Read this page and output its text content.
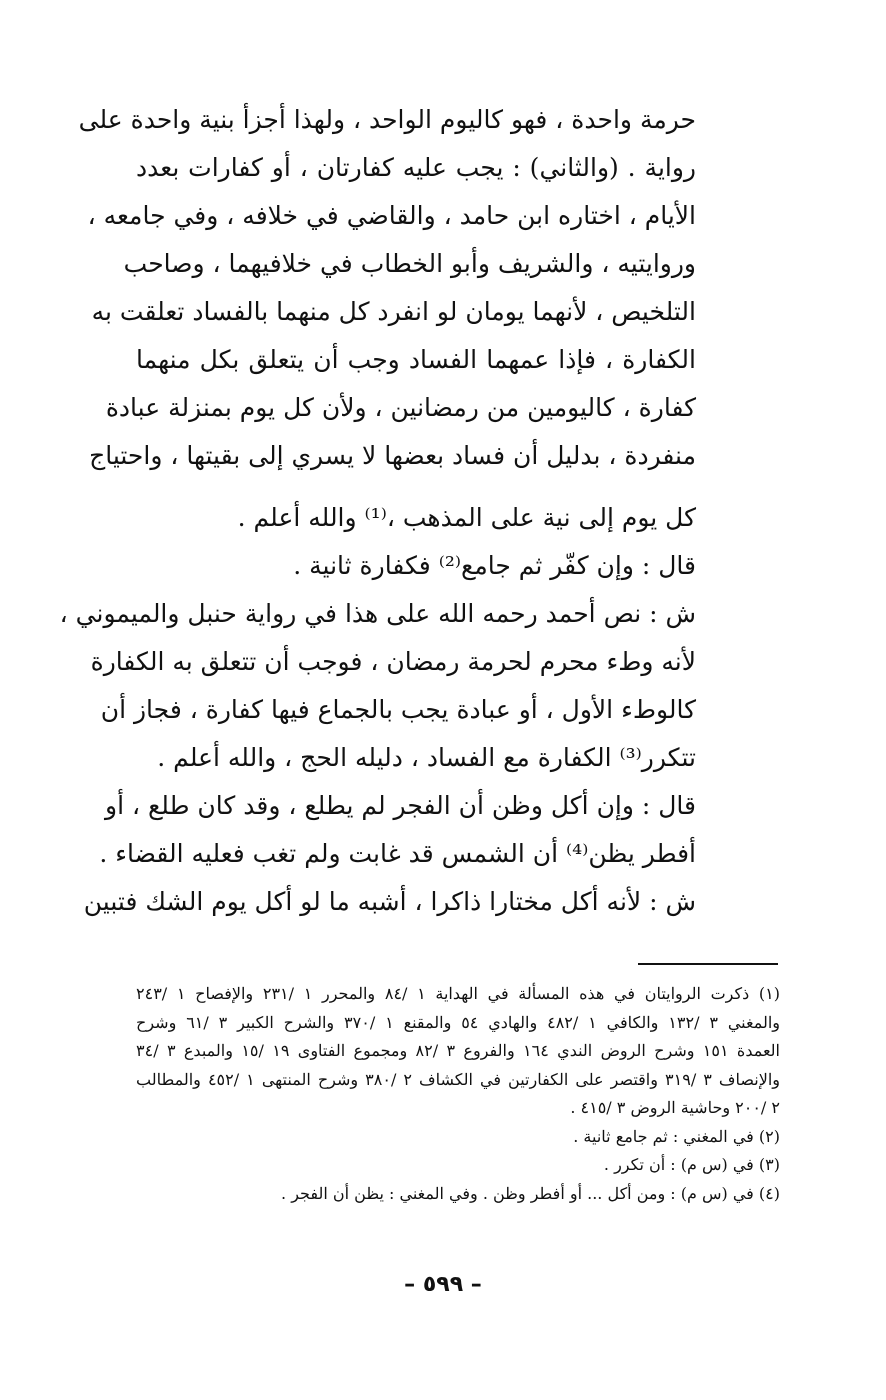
حرمة واحدة ، فهو كاليوم الواحد ، ولهذا أجزأ بنية واحدة على
رواية . (والثاني) : يجب عليه كفارتان ، أو كفارات بعدد
الأيام ، اختاره ابن حامد ، والقاضي في خلافه ، وفي جامعه ،
وروايتيه ، والشريف وأبو الخطاب في خلافيهما ، وصاحب
التلخيص ، لأنهما يومان لو انفرد كل منهما بالفساد تعلقت به
الكفارة ، فإذا عمهما الفساد وجب أن يتعلق بكل منهما
كفارة ، كاليومين من رمضانين ، ولأن كل يوم بمنزلة عبادة
منفردة ، بدليل أن فساد بعضها لا يسري إلى بقيتها ، واحتياج
كل يوم إلى نية على المذهب ،⁽¹⁾ والله أعلم .
قال : وإن كفّر ثم جامع⁽²⁾ فكفارة ثانية .
ش : نص أحمد رحمه الله على هذا في رواية حنبل والميموني ،
لأنه وطء محرم لحرمة رمضان ، فوجب أن تتعلق به الكفارة
كالوطء الأول ، أو عبادة يجب بالجماع فيها كفارة ، فجاز أن
تتكرر⁽³⁾ الكفارة مع الفساد ، دليله الحج ، والله أعلم .
قال : وإن أكل وظن أن الفجر لم يطلع ، وقد كان طلع ، أو
أفطر يظن⁽⁴⁾ أن الشمس قد غابت ولم تغب فعليه القضاء .
ش : لأنه أكل مختارا ذاكرا ، أشبه ما لو أكل يوم الشك فتبين
(١) ذكرت الروايتان في هذه المسألة في الهداية ١ /٨٤ والمحرر ١ /٢٣١ والإفصاح ١ /٢٤٣
والمغني ٣ /١٣٢ والكافي ١ /٤٨٢ والهادي ٥٤ والمقنع ١ /٣٧٠ والشرح الكبير ٣ /٦١ وشرح
العمدة ١٥١ وشرح الروض الندي ١٦٤ والفروع ٣ /٨٢ ومجموع الفتاوى ١٩ /١٥ والمبدع ٣ /٣٤
والإنصاف ٣ /٣١٩ واقتصر على الكفارتين في الكشاف ٢ /٣٨٠ وشرح المنتهى ١ /٤٥٢ والمطالب
٢ /٢٠٠ وحاشية الروض ٣ /٤١٥ .
(٢) في المغني : ثم جامع ثانية .
(٣) في (س م) : أن تكرر .
(٤) في (س م) : ومن أكل ... أو أفطر وظن . وفي المغني : يظن أن الفجر .
– ٥٩٩ –
